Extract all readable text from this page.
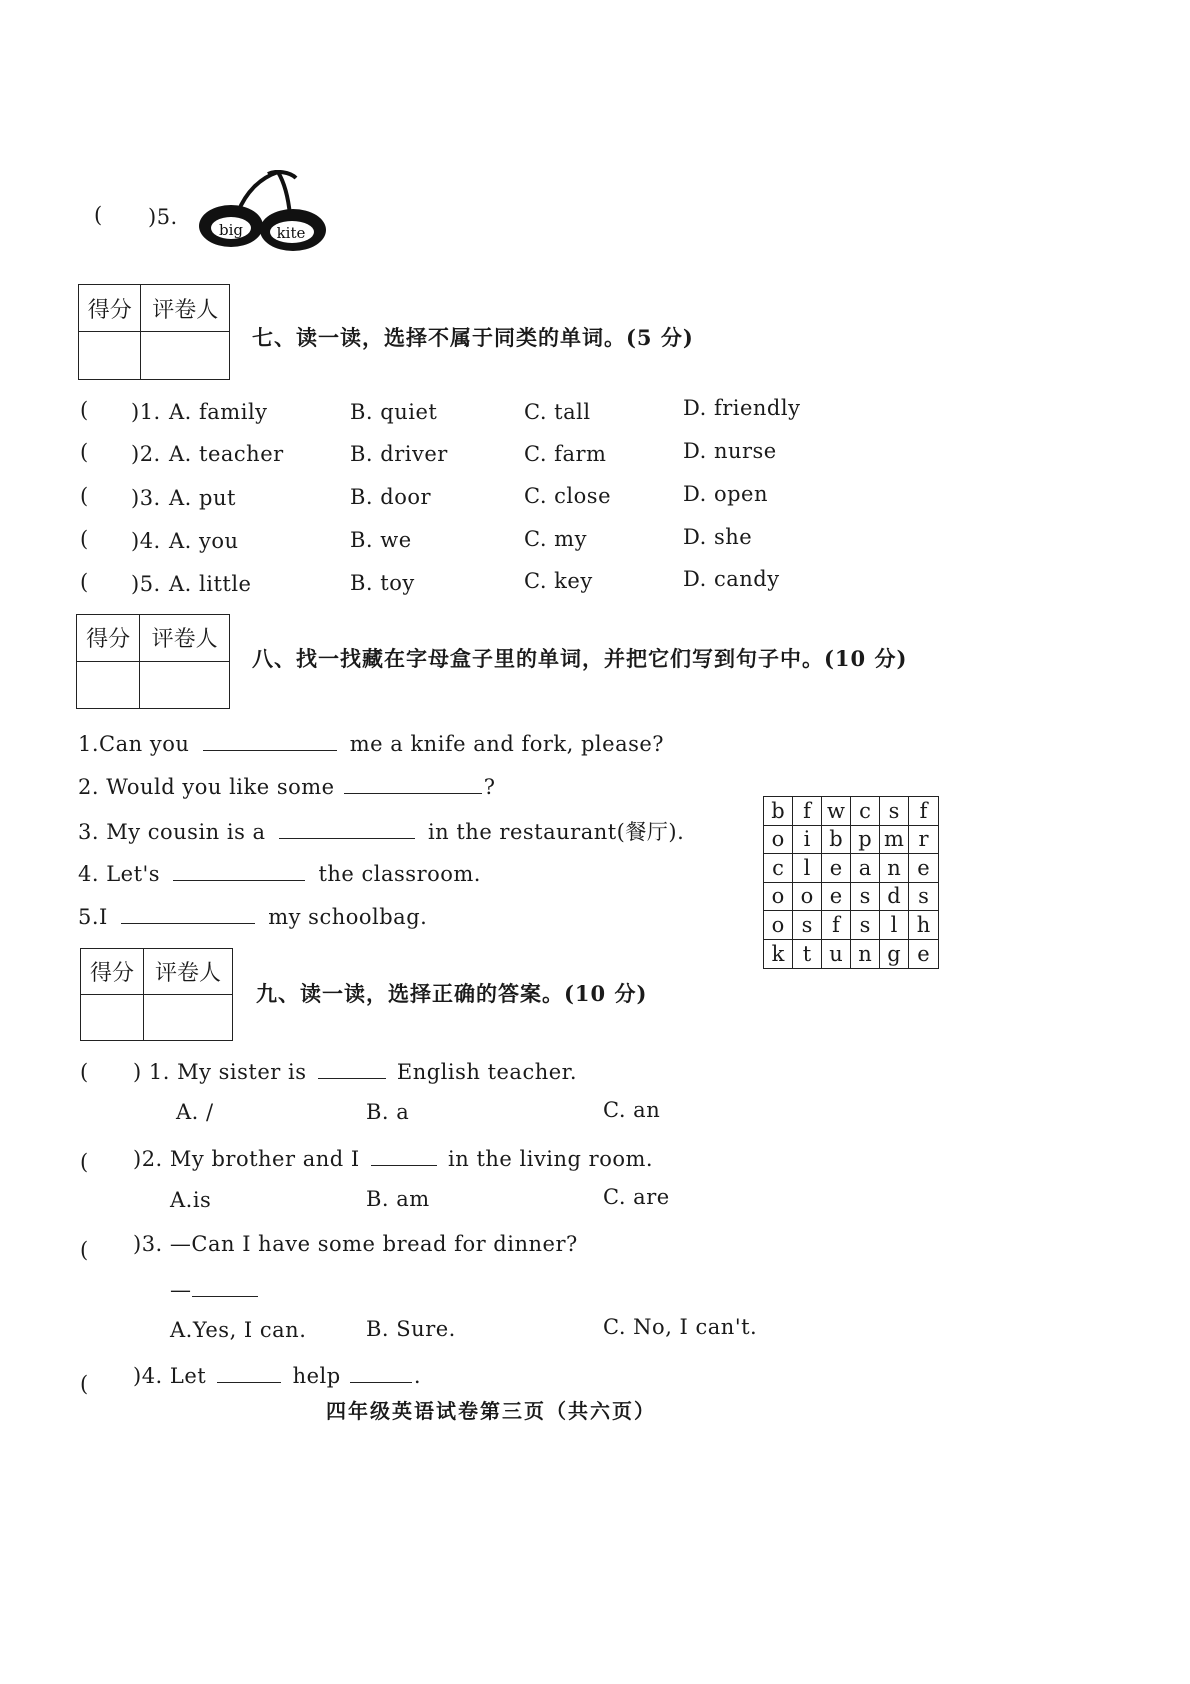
( )5.
big kite
得分 评卷人
七、读一读，选择不属于同类的单词。(5 分)
( )1. A. family	B. quiet	C. tall	D. friendly
( )2. A. teacher	B. driver	C. farm	D. nurse
( )3. A. put	B. door	C. close	D. open
( )4. A. you	B. we	C. my	D. she
( )5. A. little	B. toy	C. key	D. candy
得分 评卷人
八、找一找藏在字母盒子里的单词，并把它们写到句子中。(10 分)
1.Can you	me a knife and fork, please?
2. Would you like some	?
3. My cousin is a	in the restaurant(餐厅).
4. Let's	the classroom.
5.I	my schoolbag.
b f w c s f
o i b p m r
c l e a n e
o o e s d s
o s f s l h
k t u n g e
得分 评卷人
九、读一读，选择正确的答案。(10 分)
( ) 1. My sister is	English teacher.
A. /	B. a	C. an
( )2. My brother and I	in the living room.
A.is	B. am	C. are
( )3. —Can I have some bread for dinner?
—
A.Yes, I can.	B. Sure.	C. No, I can't.
( )4. Let	help	.
四年级英语试卷第三页（共六页）
